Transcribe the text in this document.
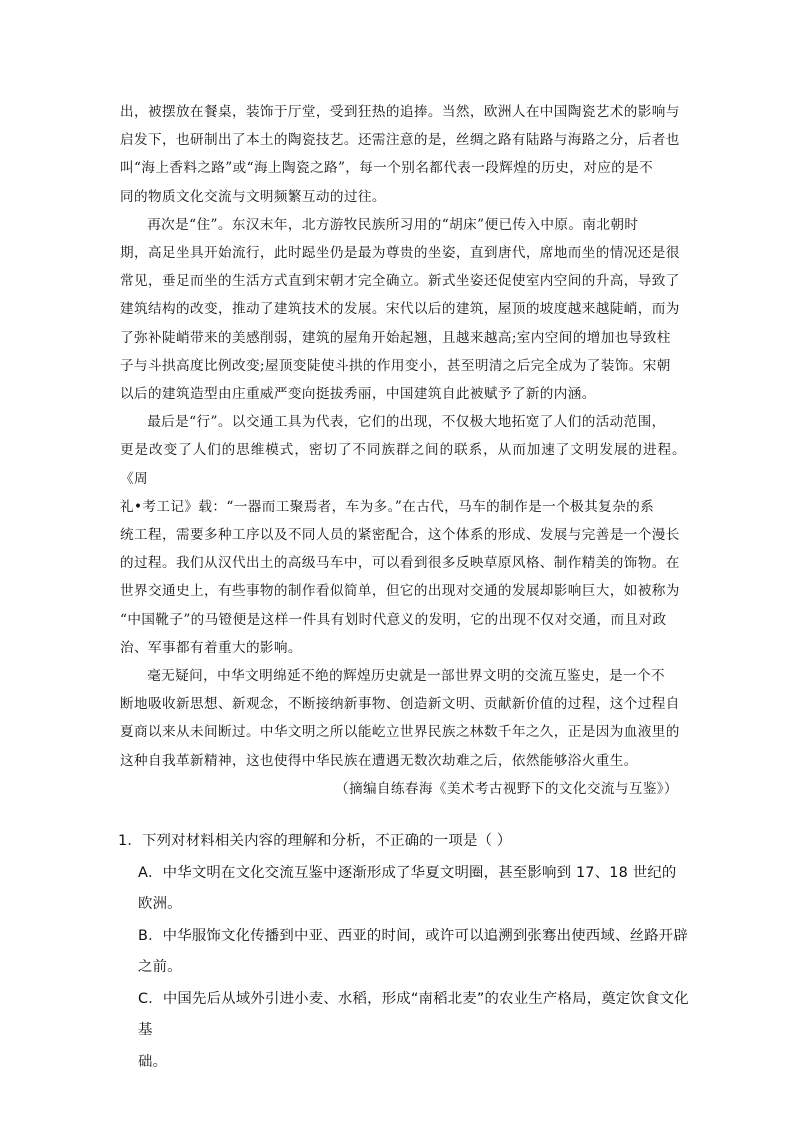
出，被摆放在餐桌，装饰于厅堂，受到狂热的追捧。当然，欧洲人在中国陶瓷艺术的影响与
启发下，也研制出了本土的陶瓷技艺。还需注意的是，丝绸之路有陆路与海路之分，后者也
叫“海上香料之路”或“海上陶瓷之路”，每一个别名都代表一段辉煌的历史，对应的是不
同的物质文化交流与文明频繁互动的过往。

再次是“住”。东汉末年，北方游牧民族所习用的“胡床”便已传入中原。南北朝时
期，高足坐具开始流行，此时跽坐仍是最为尊贵的坐姿，直到唐代，席地而坐的情况还是很
常见，垂足而坐的生活方式直到宋朝才完全确立。新式坐姿还促使室内空间的升高，导致了
建筑结构的改变，推动了建筑技术的发展。宋代以后的建筑，屋顶的坡度越来越陡峭，而为
了弥补陡峭带来的美感削弱，建筑的屋角开始起翘，且越来越高;室内空间的增加也导致柱
子与斗拱高度比例改变;屋顶变陡使斗拱的作用变小，甚至明清之后完全成为了装饰。宋朝
以后的建筑造型由庄重威严变向挺拔秀丽，中国建筑自此被赋予了新的内涵。

最后是“行”。以交通工具为代表，它们的出现，不仅极大地拓宽了人们的活动范围，
更是改变了人们的思维模式，密切了不同族群之间的联系，从而加速了文明发展的进程。《周
礼•考工记》载：“一器而工聚焉者，车为多。”在古代，马车的制作是一个极其复杂的系
统工程，需要多种工序以及不同人员的紧密配合，这个体系的形成、发展与完善是一个漫长
的过程。我们从汉代出土的高级马车中，可以看到很多反映草原风格、制作精美的饰物。在
世界交通史上，有些事物的制作看似简单，但它的出现对交通的发展却影响巨大，如被称为
“中国靴子”的马镫便是这样一件具有划时代意义的发明，它的出现不仅对交通，而且对政
治、军事都有着重大的影响。

毫无疑问，中华文明绵延不绝的辉煌历史就是一部世界文明的交流互鉴史，是一个不
断地吸收新思想、新观念，不断接纳新事物、创造新文明、贡献新价值的过程，这个过程自
夏商以来从未间断过。中华文明之所以能屹立世界民族之林数千年之久，正是因为血液里的
这种自我革新精神，这也使得中华民族在遭遇无数次劫难之后，依然能够浴火重生。

（摘编自练春海《美术考古视野下的文化交流与互鉴》）

1．下列对材料相关内容的理解和分析，不正确的一项是（ ）

A．中华文明在文化交流互鉴中逐渐形成了华夏文明圈，甚至影响到 17、18 世纪的欧洲。

B．中华服饰文化传播到中亚、西亚的时间，或许可以追溯到张骞出使西域、丝路开辟

之前。

C．中国先后从域外引进小麦、水稻，形成“南稻北麦”的农业生产格局，奠定饮食文化基

础。
